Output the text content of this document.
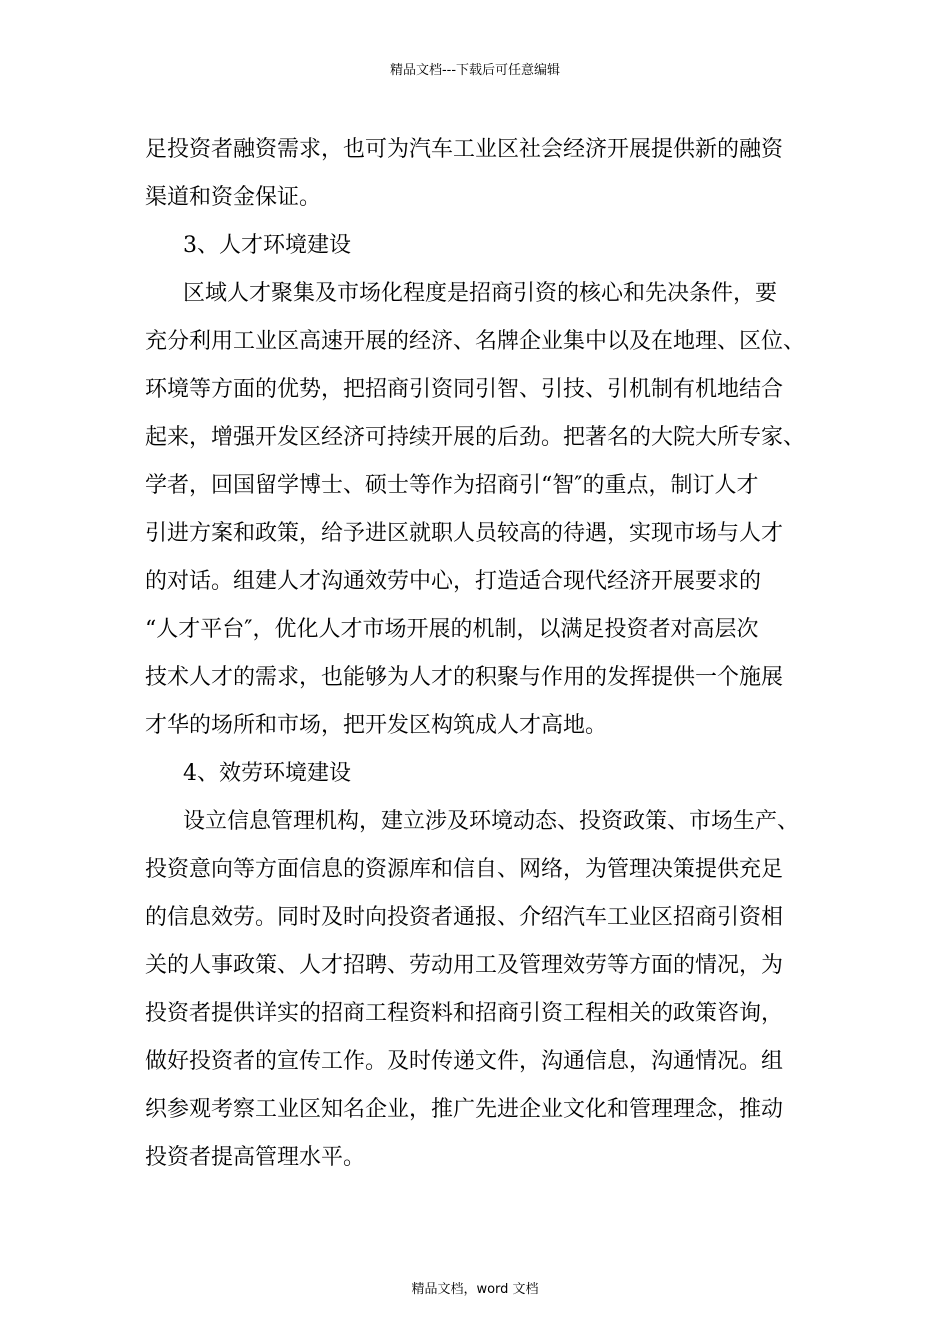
精品文档---下载后可任意编辑
足投资者融资需求，也可为汽车工业区社会经济开展提供新的融资
渠道和资金保证。
3、人才环境建设
区域人才聚集及市场化程度是招商引资的核心和先决条件，要
充分利用工业区高速开展的经济、名牌企业集中以及在地理、区位、
环境等方面的优势，把招商引资同引智、引技、引机制有机地结合
起来，增强开发区经济可持续开展的后劲。把著名的大院大所专家、
学者，回国留学博士、硕士等作为招商引“智″的重点，制订人才
引进方案和政策，给予进区就职人员较高的待遇，实现市场与人才
的对话。组建人才沟通效劳中心，打造适合现代经济开展要求的
“人才平台″，优化人才市场开展的机制，以满足投资者对高层次
技术人才的需求，也能够为人才的积聚与作用的发挥提供一个施展
才华的场所和市场，把开发区构筑成人才高地。
4、效劳环境建设
设立信息管理机构，建立涉及环境动态、投资政策、市场生产、
投资意向等方面信息的资源库和信自、网络，为管理决策提供充足
的信息效劳。同时及时向投资者通报、介绍汽车工业区招商引资相
关的人事政策、人才招聘、劳动用工及管理效劳等方面的情况，为
投资者提供详实的招商工程资料和招商引资工程相关的政策咨询，
做好投资者的宣传工作。及时传递文件，沟通信息，沟通情况。组
织参观考察工业区知名企业，推广先进企业文化和管理理念，推动
投资者提高管理水平。
精品文档，word 文档
